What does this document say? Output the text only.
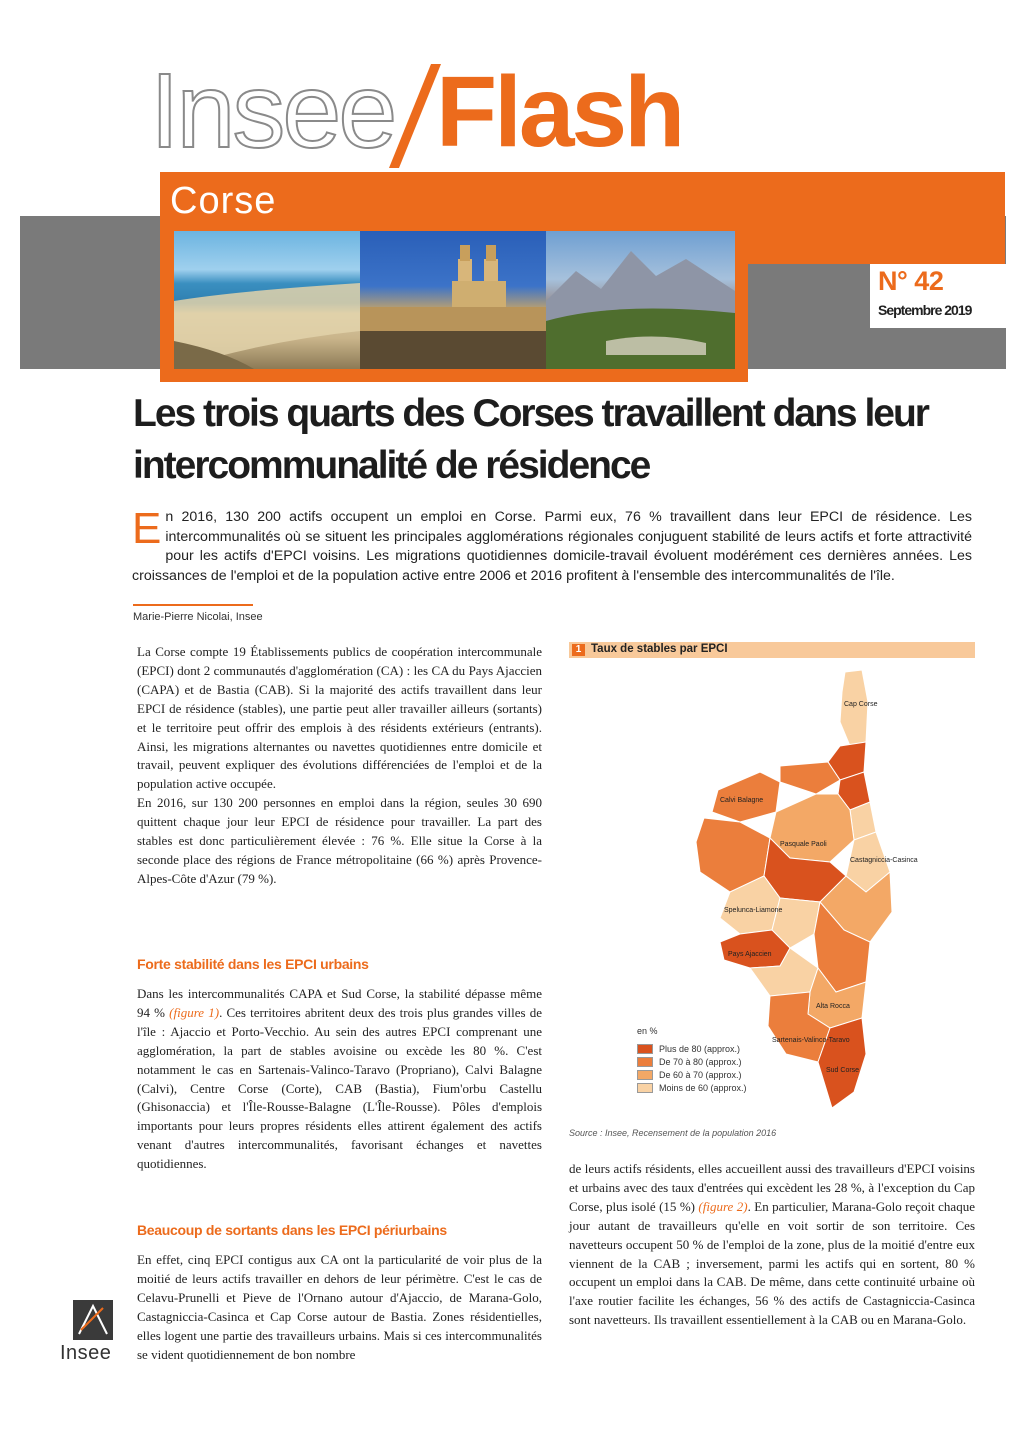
Insee Flash
Corse
N° 42
Septembre 2019
Les trois quarts des Corses travaillent dans leur intercommunalité de résidence
En 2016, 130 200 actifs occupent un emploi en Corse. Parmi eux, 76 % travaillent dans leur EPCI de résidence. Les intercommunalités où se situent les principales agglomérations régionales conjuguent stabilité de leurs actifs et forte attractivité pour les actifs d'EPCI voisins. Les migrations quotidiennes domicile-travail évoluent modérément ces dernières années. Les croissances de l'emploi et de la population active entre 2006 et 2016 profitent à l'ensemble des intercommunalités de l'île.
Marie-Pierre Nicolai, Insee

La Corse compte 19 Établissements publics de coopération intercommunale (EPCI) dont 2 communautés d'agglomération (CA) : les CA du Pays Ajaccien (CAPA) et de Bastia (CAB). Si la majorité des actifs travaillent dans leur EPCI de résidence (stables), une partie peut aller travailler ailleurs (sortants) et le territoire peut offrir des emplois à des résidents extérieurs (entrants). Ainsi, les migrations alternantes ou navettes quotidiennes entre domicile et travail, peuvent expliquer des évolutions différenciées de l'emploi et de la population active occupée.

En 2016, sur 130 200 personnes en emploi dans la région, seules 30 690 quittent chaque jour leur EPCI de résidence pour travailler. La part des stables est donc particulièrement élevée : 76 %. Elle situe la Corse à la seconde place des régions de France métropolitaine (66 %) après Provence-Alpes-Côte d'Azur (79 %).

Forte stabilité dans les EPCI urbains

Dans les intercommunalités CAPA et Sud Corse, la stabilité dépasse même 94 % (figure 1). Ces territoires abritent deux des trois plus grandes villes de l'île : Ajaccio et Porto-Vecchio. Au sein des autres EPCI comprenant une agglomération, la part de stables avoisine ou excède les 80 %. C'est notamment le cas en Sartenais-Valinco-Taravo (Propriano), Calvi Balagne (Calvi), Centre Corse (Corte), CAB (Bastia), Fium'orbu Castellu (Ghisonaccia) et l'Île-Rousse-Balagne (L'Île-Rousse). Pôles d'emplois importants pour leurs propres résidents elles attirent également des actifs venant d'autres intercommunalités, favorisant échanges et navettes quotidiennes.

Beaucoup de sortants dans les EPCI périurbains

En effet, cinq EPCI contigus aux CA ont la particularité de voir plus de la moitié de leurs actifs travailler en dehors de leur périmètre. C'est le cas de Celavu-Prunelli et Pieve de l'Ornano autour d'Ajaccio, de Marana-Golo, Castagniccia-Casinca et Cap Corse autour de Bastia. Zones résidentielles, elles logent une partie des travailleurs urbains. Mais si ces intercommunalités se vident quotidiennement de bon nombre

1 Taux de stables par EPCI
Cap Corse
Calvi Balagne
Pasquale Paoli
Castagniccia-Casinca
Spelunca-Liamone
Pays Ajaccien
Sud Corse
Alta Rocca
Sartenais-Valinco-Taravo
en %
Plus de 80 (approx.)
De 70 à 80 (approx.)
De 60 à 70 (approx.)
Moins de 60 (approx.)
Source : Insee, Recensement de la population 2016

de leurs actifs résidents, elles accueillent aussi des travailleurs d'EPCI voisins et urbains avec des taux d'entrées qui excèdent les 28 %, à l'exception du Cap Corse, plus isolé (15 %) (figure 2). En particulier, Marana-Golo reçoit chaque jour autant de travailleurs qu'elle en voit sortir de son territoire. Ces navetteurs occupent 50 % de l'emploi de la zone, plus de la moitié d'entre eux viennent de la CAB ; inversement, parmi les actifs qui en sortent, 80 % occupent un emploi dans la CAB. De même, dans cette continuité urbaine où l'axe routier facilite les échanges, 56 % des actifs de Castagniccia-Casinca sont navetteurs. Ils travaillent essentiellement à la CAB ou en Marana-Golo.

Insee
